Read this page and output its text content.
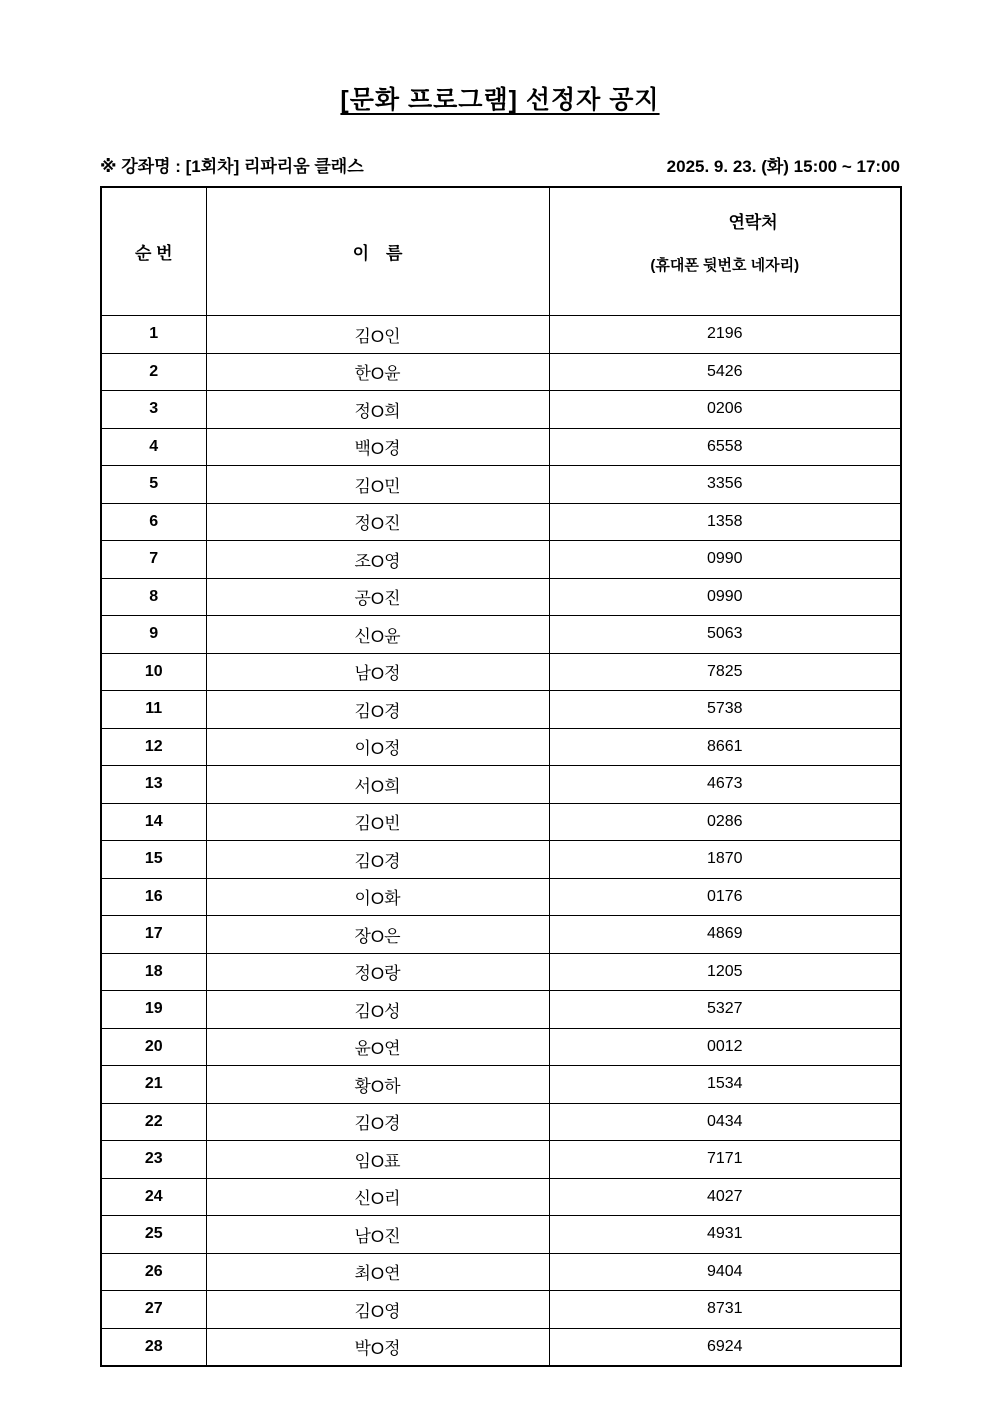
[문화 프로그램] 선정자 공지
※ 강좌명 : [1회차] 리파리움 클래스	2025. 9. 23. (화) 15:00 ~ 17:00
순 번	이　름	연락처

(휴대폰 뒷번호 네자리)

1	김O인	2196
2	한O윤	5426
3	정O희	0206
4	백O경	6558
5	김O민	3356
6	정O진	1358
7	조O영	0990
8	공O진	0990
9	신O윤	5063
10	남O정	7825
11	김O경	5738
12	이O정	8661
13	서O희	4673
14	김O빈	0286
15	김O경	1870
16	이O화	0176
17	장O은	4869
18	정O랑	1205
19	김O성	5327
20	윤O연	0012
21	황O하	1534
22	김O경	0434
23	임O표	7171
24	신O리	4027
25	남O진	4931
26	최O연	9404
27	김O영	8731
28	박O정	6924
